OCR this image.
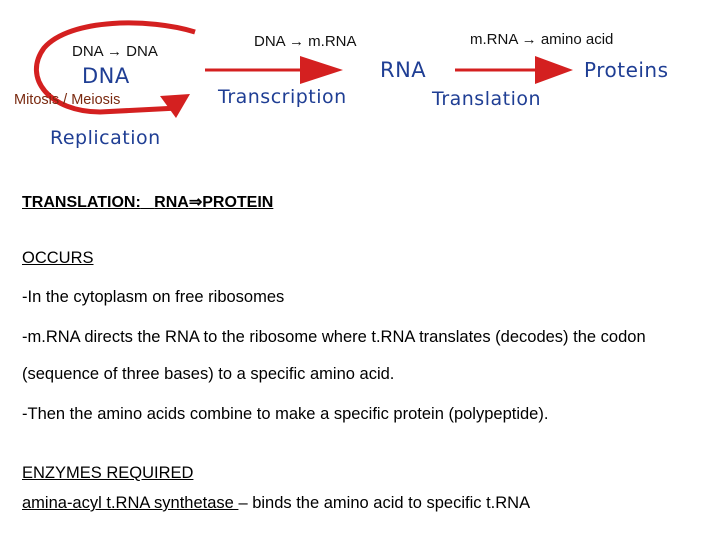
DNA → DNA
DNA
Mitosis / Meiosis
Replication
DNA → m.RNA
Transcription
RNA
m.RNA → amino acid
Proteins
Translation
TRANSLATION: RNA⇒PROTEIN
OCCURS
-In the cytoplasm on free ribosomes
-m.RNA directs the RNA to the ribosome where t.RNA translates (decodes) the codon
(sequence of three bases) to a specific amino acid.
-Then the amino acids combine to make a specific protein (polypeptide).
ENZYMES REQUIRED
amina-acyl t.RNA synthetase – binds the amino acid to specific t.RNA
